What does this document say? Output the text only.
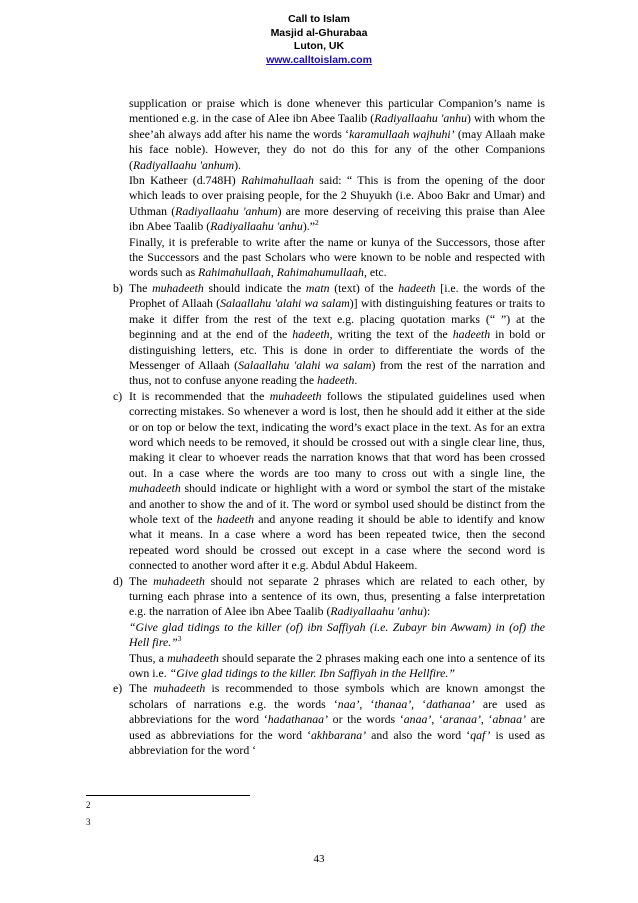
Call to Islam
Masjid al-Ghurabaa
Luton, UK
www.calltoislam.com

supplication or praise which is done whenever this particular Companion’s name is mentioned e.g. in the case of Alee ibn Abee Taalib (Radiyallaahu 'anhu) with whom the shee’ah always add after his name the words ‘karamullaah wajhuhi’ (may Allaah make his face noble). However, they do not do this for any of the other Companions (Radiyallaahu 'anhum).

Ibn Katheer (d.748H) Rahimahullaah said: “ This is from the opening of the door which leads to over praising people, for the 2 Shuyukh (i.e. Aboo Bakr and Umar) and Uthman (Radiyallaahu 'anhum) are more deserving of receiving this praise than Alee ibn Abee Taalib (Radiyallaahu 'anhu).”$^2$

Finally, it is preferable to write after the name or kunya of the Successors, those after the Successors and the past Scholars who were known to be noble and respected with words such as Rahimahullaah, Rahimahumullaah, etc.

b) The muhadeeth should indicate the matn (text) of the hadeeth [i.e. the words of the Prophet of Allaah (Salaallahu 'alahi wa salam)] with distinguishing features or traits to make it differ from the rest of the text e.g. placing quotation marks (“ ”) at the beginning and at the end of the hadeeth, writing the text of the hadeeth in bold or distinguishing letters, etc. This is done in order to differentiate the words of the Messenger of Allaah (Salaallahu 'alahi wa salam) from the rest of the narration and thus, not to confuse anyone reading the hadeeth.

c) It is recommended that the muhadeeth follows the stipulated guidelines used when correcting mistakes. So whenever a word is lost, then he should add it either at the side or on top or below the text, indicating the word’s exact place in the text. As for an extra word which needs to be removed, it should be crossed out with a single clear line, thus, making it clear to whoever reads the narration knows that that word has been crossed out. In a case where the words are too many to cross out with a single line, the muhadeeth should indicate or highlight with a word or symbol the start of the mistake and another to show the and of it. The word or symbol used should be distinct from the whole text of the hadeeth and anyone reading it should be able to identify and know what it means. In a case where a word has been repeated twice, then the second repeated word should be crossed out except in a case where the second word is connected to another word after it e.g. Abdul Abdul Hakeem.

d) The muhadeeth should not separate 2 phrases which are related to each other, by turning each phrase into a sentence of its own, thus, presenting a false interpretation e.g. the narration of Alee ibn Abee Taalib (Radiyallaahu 'anhu):

“Give glad tidings to the killer (of) ibn Saffiyah (i.e. Zubayr bin Awwam) in (of) the Hell fire.”$^3$

Thus, a muhadeeth should separate the 2 phrases making each one into a sentence of its own i.e. “Give glad tidings to the killer. Ibn Saffiyah in the Hellfire.”

e) The muhadeeth is recommended to those symbols which are known amongst the scholars of narrations e.g. the words ‘naa’, ‘thanaa’, ‘dathanaa’ are used as abbreviations for the word ‘hadathanaa’ or the words ‘anaa’, ‘aranaa’, ‘abnaa’ are used as abbreviations for the word ‘akhbarana’ and also the word ‘qaf’ is used as abbreviation for the word ‘

2
3
43
